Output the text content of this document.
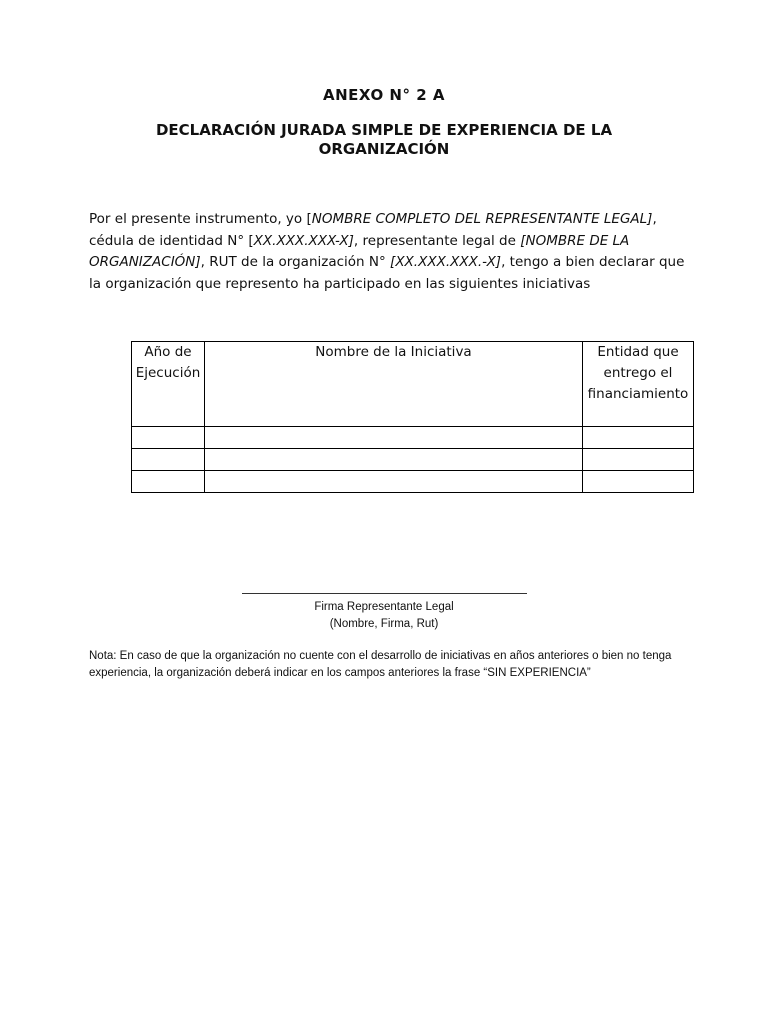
ANEXO N° 2 A
DECLARACIÓN JURADA SIMPLE DE EXPERIENCIA DE LA ORGANIZACIÓN
Por el presente instrumento, yo [NOMBRE COMPLETO DEL REPRESENTANTE LEGAL], cédula de identidad N° [XX.XXX.XXX-X], representante legal de [NOMBRE DE LA ORGANIZACIÓN], RUT de la organización N° [XX.XXX.XXX.-X], tengo a bien declarar que la organización que represento ha participado en las siguientes iniciativas
Año de Ejecución	Nombre de la Iniciativa	Entidad que entrego el financiamiento

Firma Representante Legal
(Nombre, Firma, Rut)
Nota: En caso de que la organización no cuente con el desarrollo de iniciativas en años anteriores o bien no tenga experiencia, la organización deberá indicar en los campos anteriores la frase “SIN EXPERIENCIA”
